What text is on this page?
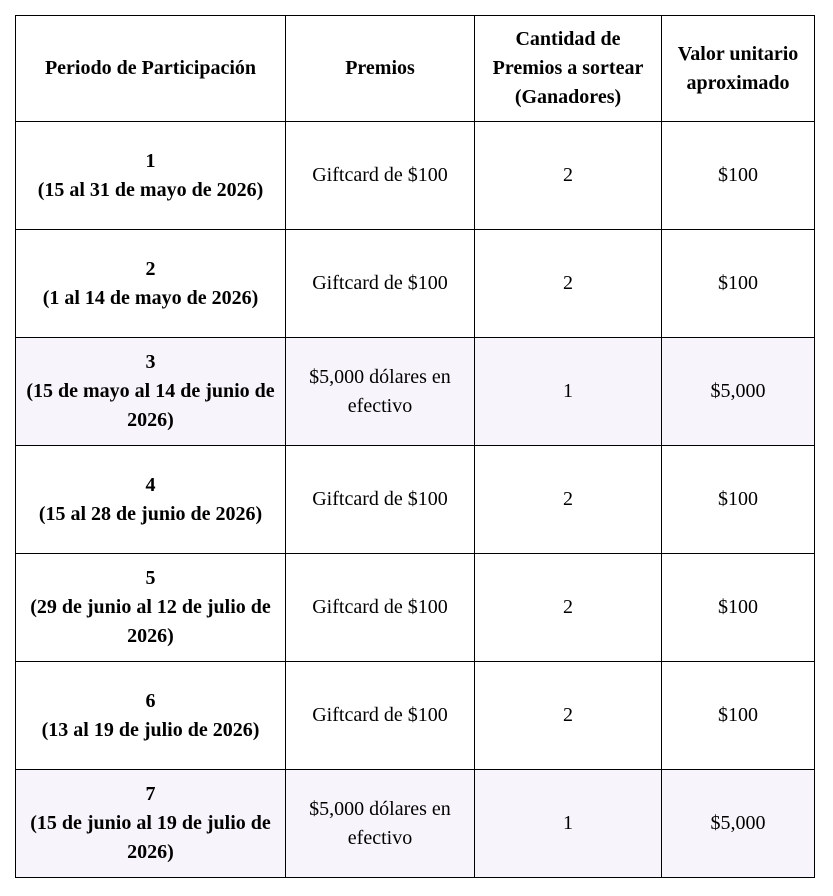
Periodo de Participación	Premios	Cantidad de Premios a sortear (Ganadores)	Valor unitario aproximado

1
(15 al 31 de mayo de 2026)	Giftcard de $100	2	$100

2
(1 al 14 de mayo de 2026)	Giftcard de $100	2	$100

3
(15 de mayo al 14 de junio de 2026)	$5,000 dólares en efectivo	1	$5,000

4
(15 al 28 de junio de 2026)	Giftcard de $100	2	$100

5
(29 de junio al 12 de julio de 2026)	Giftcard de $100	2	$100

6
(13 al 19 de julio de 2026)	Giftcard de $100	2	$100

7
(15 de junio al 19 de julio de 2026)	$5,000 dólares en efectivo	1	$5,000
